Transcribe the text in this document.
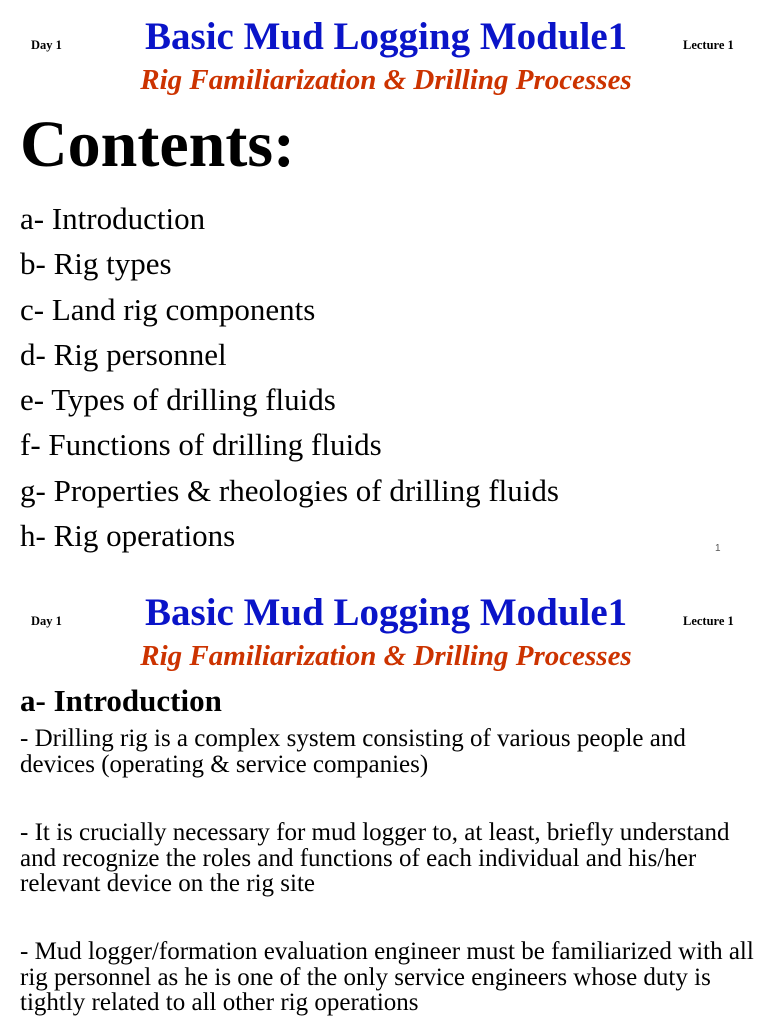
Day 1 Basic Mud Logging Module1	Lecture 1
Rig Familiarization & Drilling Processes
Contents:
a- Introduction
b- Rig types
c- Land rig components
d- Rig personnel
e- Types of drilling fluids
f- Functions of drilling fluids
g- Properties & rheologies of drilling fluids
h- Rig operations	1
Day 1 Basic Mud Logging Module1	Lecture 1
Rig Familiarization & Drilling Processes
a- Introduction

- Drilling rig is a complex system consisting of various people and devices (operating & service companies)

- It is crucially necessary for mud logger to, at least, briefly understand and recognize the roles and functions of each individual and his/her relevant device on the rig site

- Mud logger/formation evaluation engineer must be familiarized with all rig personnel as he is one of the only service engineers whose duty is tightly related to all other rig operations
